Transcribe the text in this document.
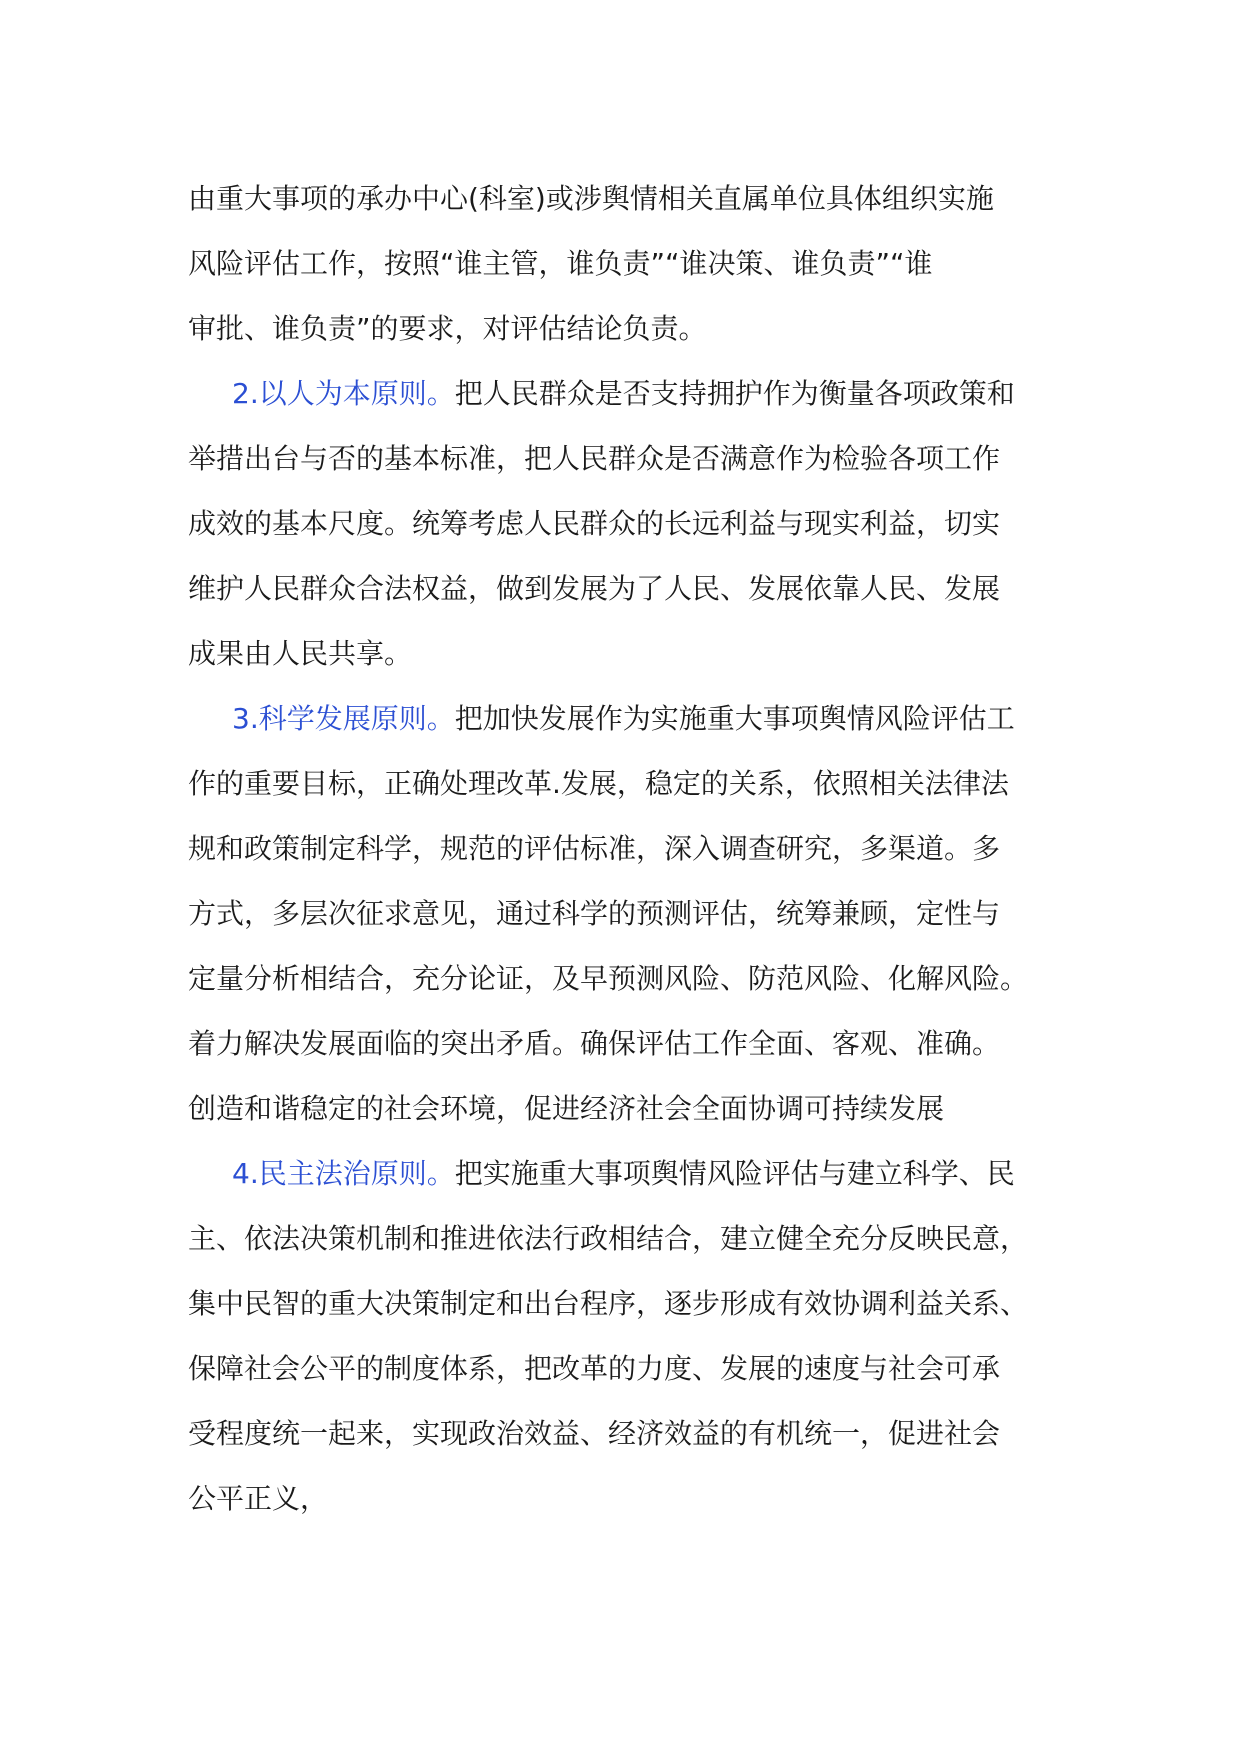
由重大事项的承办中心(科室)或涉舆情相关直属单位具体组织实施
风险评估工作，按照“谁主管，谁负责”“谁决策、谁负责”“谁
审批、谁负责”的要求，对评估结论负责。
2.以人为本原则。把人民群众是否支持拥护作为衡量各项政策和
举措出台与否的基本标准，把人民群众是否满意作为检验各项工作
成效的基本尺度。统筹考虑人民群众的长远利益与现实利益，切实
维护人民群众合法权益，做到发展为了人民、发展依靠人民、发展
成果由人民共享。
3.科学发展原则。把加快发展作为实施重大事项舆情风险评估工
作的重要目标，正确处理改革.发展，稳定的关系，依照相关法律法
规和政策制定科学，规范的评估标准，深入调查研究，多渠道。多
方式，多层次征求意见，通过科学的预测评估，统筹兼顾，定性与
定量分析相结合，充分论证，及早预测风险、防范风险、化解风险。
着力解决发展面临的突出矛盾。确保评估工作全面、客观、准确。
创造和谐稳定的社会环境，促进经济社会全面协调可持续发展
4.民主法治原则。把实施重大事项舆情风险评估与建立科学、民
主、依法决策机制和推进依法行政相结合，建立健全充分反映民意，
集中民智的重大决策制定和出台程序，逐步形成有效协调利益关系、
保障社会公平的制度体系，把改革的力度、发展的速度与社会可承
受程度统一起来，实现政治效益、经济效益的有机统一，促进社会
公平正义，
